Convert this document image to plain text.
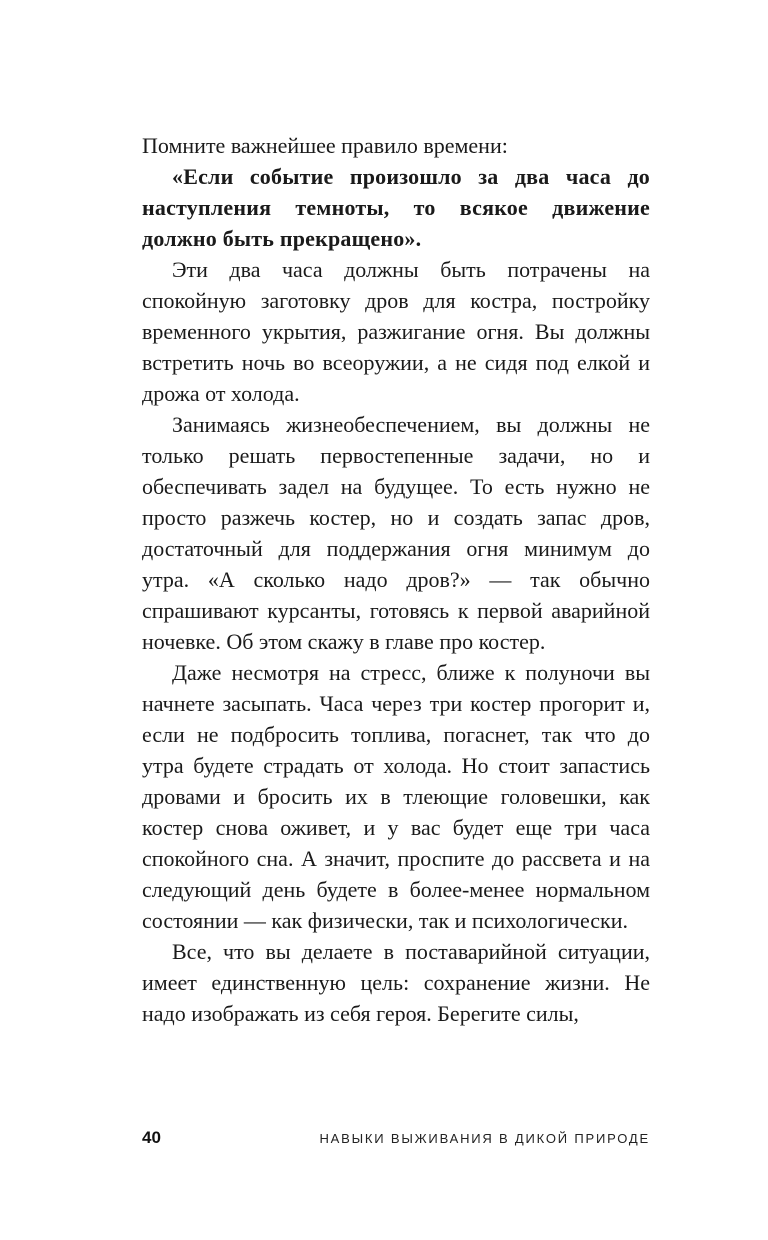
Помните важнейшее правило времени:

«Если событие произошло за два часа до наступления темноты, то всякое движение должно быть прекращено».

Эти два часа должны быть потрачены на спокойную заготовку дров для костра, постройку временного укрытия, разжигание огня. Вы должны встретить ночь во всеоружии, а не сидя под елкой и дрожа от холода.

Занимаясь жизнеобеспечением, вы должны не только решать первостепенные задачи, но и обеспечивать задел на будущее. То есть нужно не просто разжечь костер, но и создать запас дров, достаточный для поддержания огня минимум до утра. «А сколько надо дров?» — так обычно спрашивают курсанты, готовясь к первой аварийной ночевке. Об этом скажу в главе про костер.

Даже несмотря на стресс, ближе к полуночи вы начнете засыпать. Часа через три костер прогорит и, если не подбросить топлива, погаснет, так что до утра будете страдать от холода. Но стоит запастись дровами и бросить их в тлеющие головешки, как костер снова оживет, и у вас будет еще три часа спокойного сна. А значит, проспите до рассвета и на следующий день будете в более-менее нормальном состоянии — как физически, так и психологически.

Все, что вы делаете в поставарийной ситуации, имеет единственную цель: сохранение жизни. Не надо изображать из себя героя. Берегите силы,

40	НАВЫКИ ВЫЖИВАНИЯ В ДИКОЙ ПРИРОДЕ
